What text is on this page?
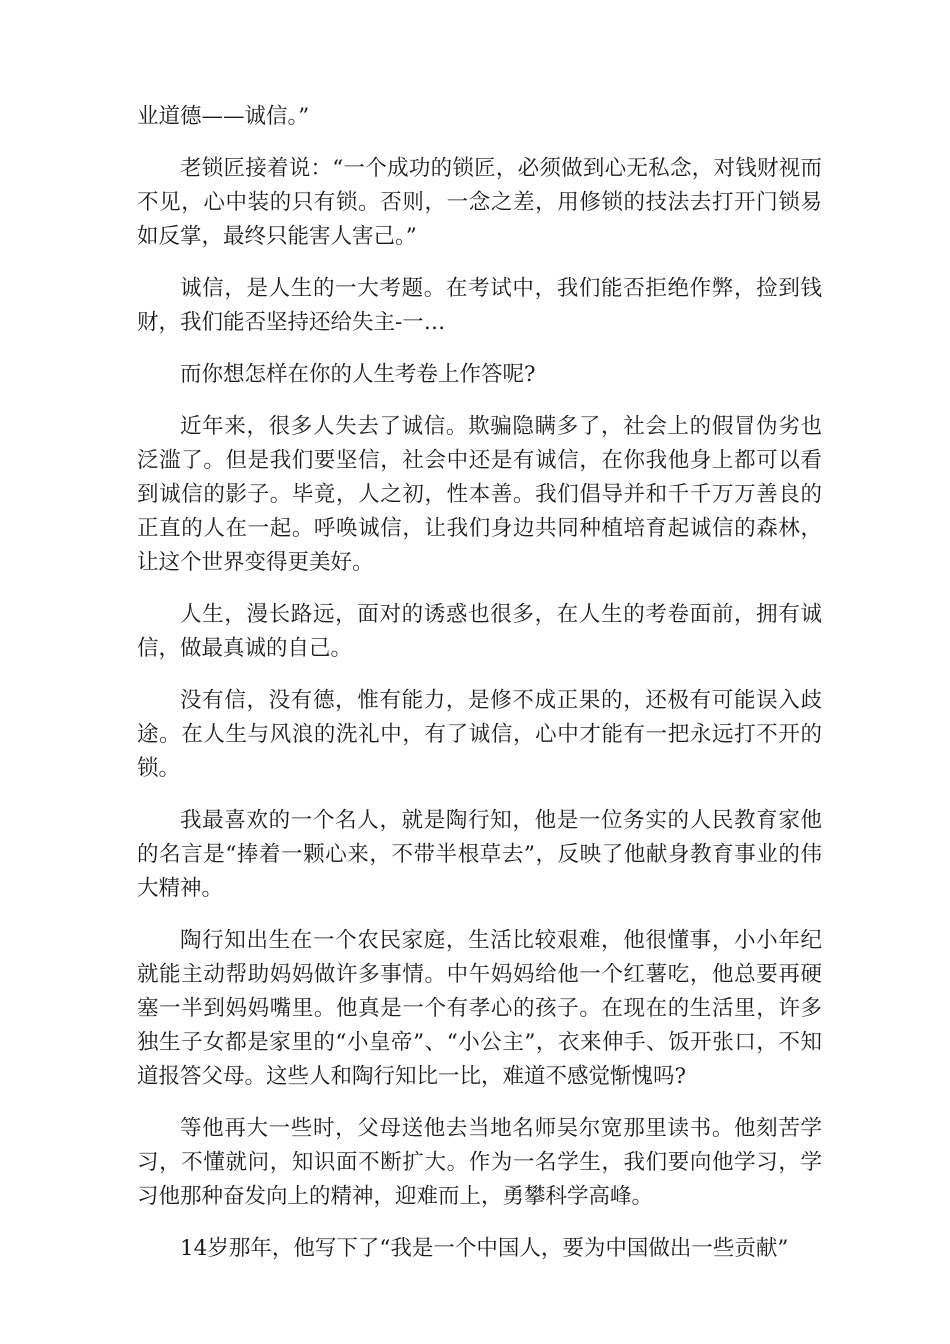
业道德——诚信。”

老锁匠接着说：“一个成功的锁匠，必须做到心无私念，对钱财视而不见，心中装的只有锁。否则，一念之差，用修锁的技法去打开门锁易如反掌，最终只能害人害己。”

诚信，是人生的一大考题。在考试中，我们能否拒绝作弊，捡到钱财，我们能否坚持还给失主-一…

而你想怎样在你的人生考卷上作答呢?

近年来，很多人失去了诚信。欺骗隐瞒多了，社会上的假冒伪劣也泛滥了。但是我们要坚信，社会中还是有诚信，在你我他身上都可以看到诚信的影子。毕竟，人之初，性本善。我们倡导并和千千万万善良的正直的人在一起。呼唤诚信，让我们身边共同种植培育起诚信的森林，让这个世界变得更美好。

人生，漫长路远，面对的诱惑也很多，在人生的考卷面前，拥有诚信，做最真诚的自己。

没有信，没有德，惟有能力，是修不成正果的，还极有可能误入歧途。在人生与风浪的洗礼中，有了诚信，心中才能有一把永远打不开的锁。

我最喜欢的一个名人，就是陶行知，他是一位务实的人民教育家他的名言是“捧着一颗心来，不带半根草去”，反映了他献身教育事业的伟大精神。

陶行知出生在一个农民家庭，生活比较艰难，他很懂事，小小年纪就能主动帮助妈妈做许多事情。中午妈妈给他一个红薯吃，他总要再硬塞一半到妈妈嘴里。他真是一个有孝心的孩子。在现在的生活里，许多独生子女都是家里的“小皇帝”、“小公主”，衣来伸手、饭开张口，不知道报答父母。这些人和陶行知比一比，难道不感觉惭愧吗?

等他再大一些时，父母送他去当地名师吴尔宽那里读书。他刻苦学习，不懂就问，知识面不断扩大。作为一名学生，我们要向他学习，学习他那种奋发向上的精神，迎难而上，勇攀科学高峰。

14岁那年，他写下了“我是一个中国人，要为中国做出一些贡献”
